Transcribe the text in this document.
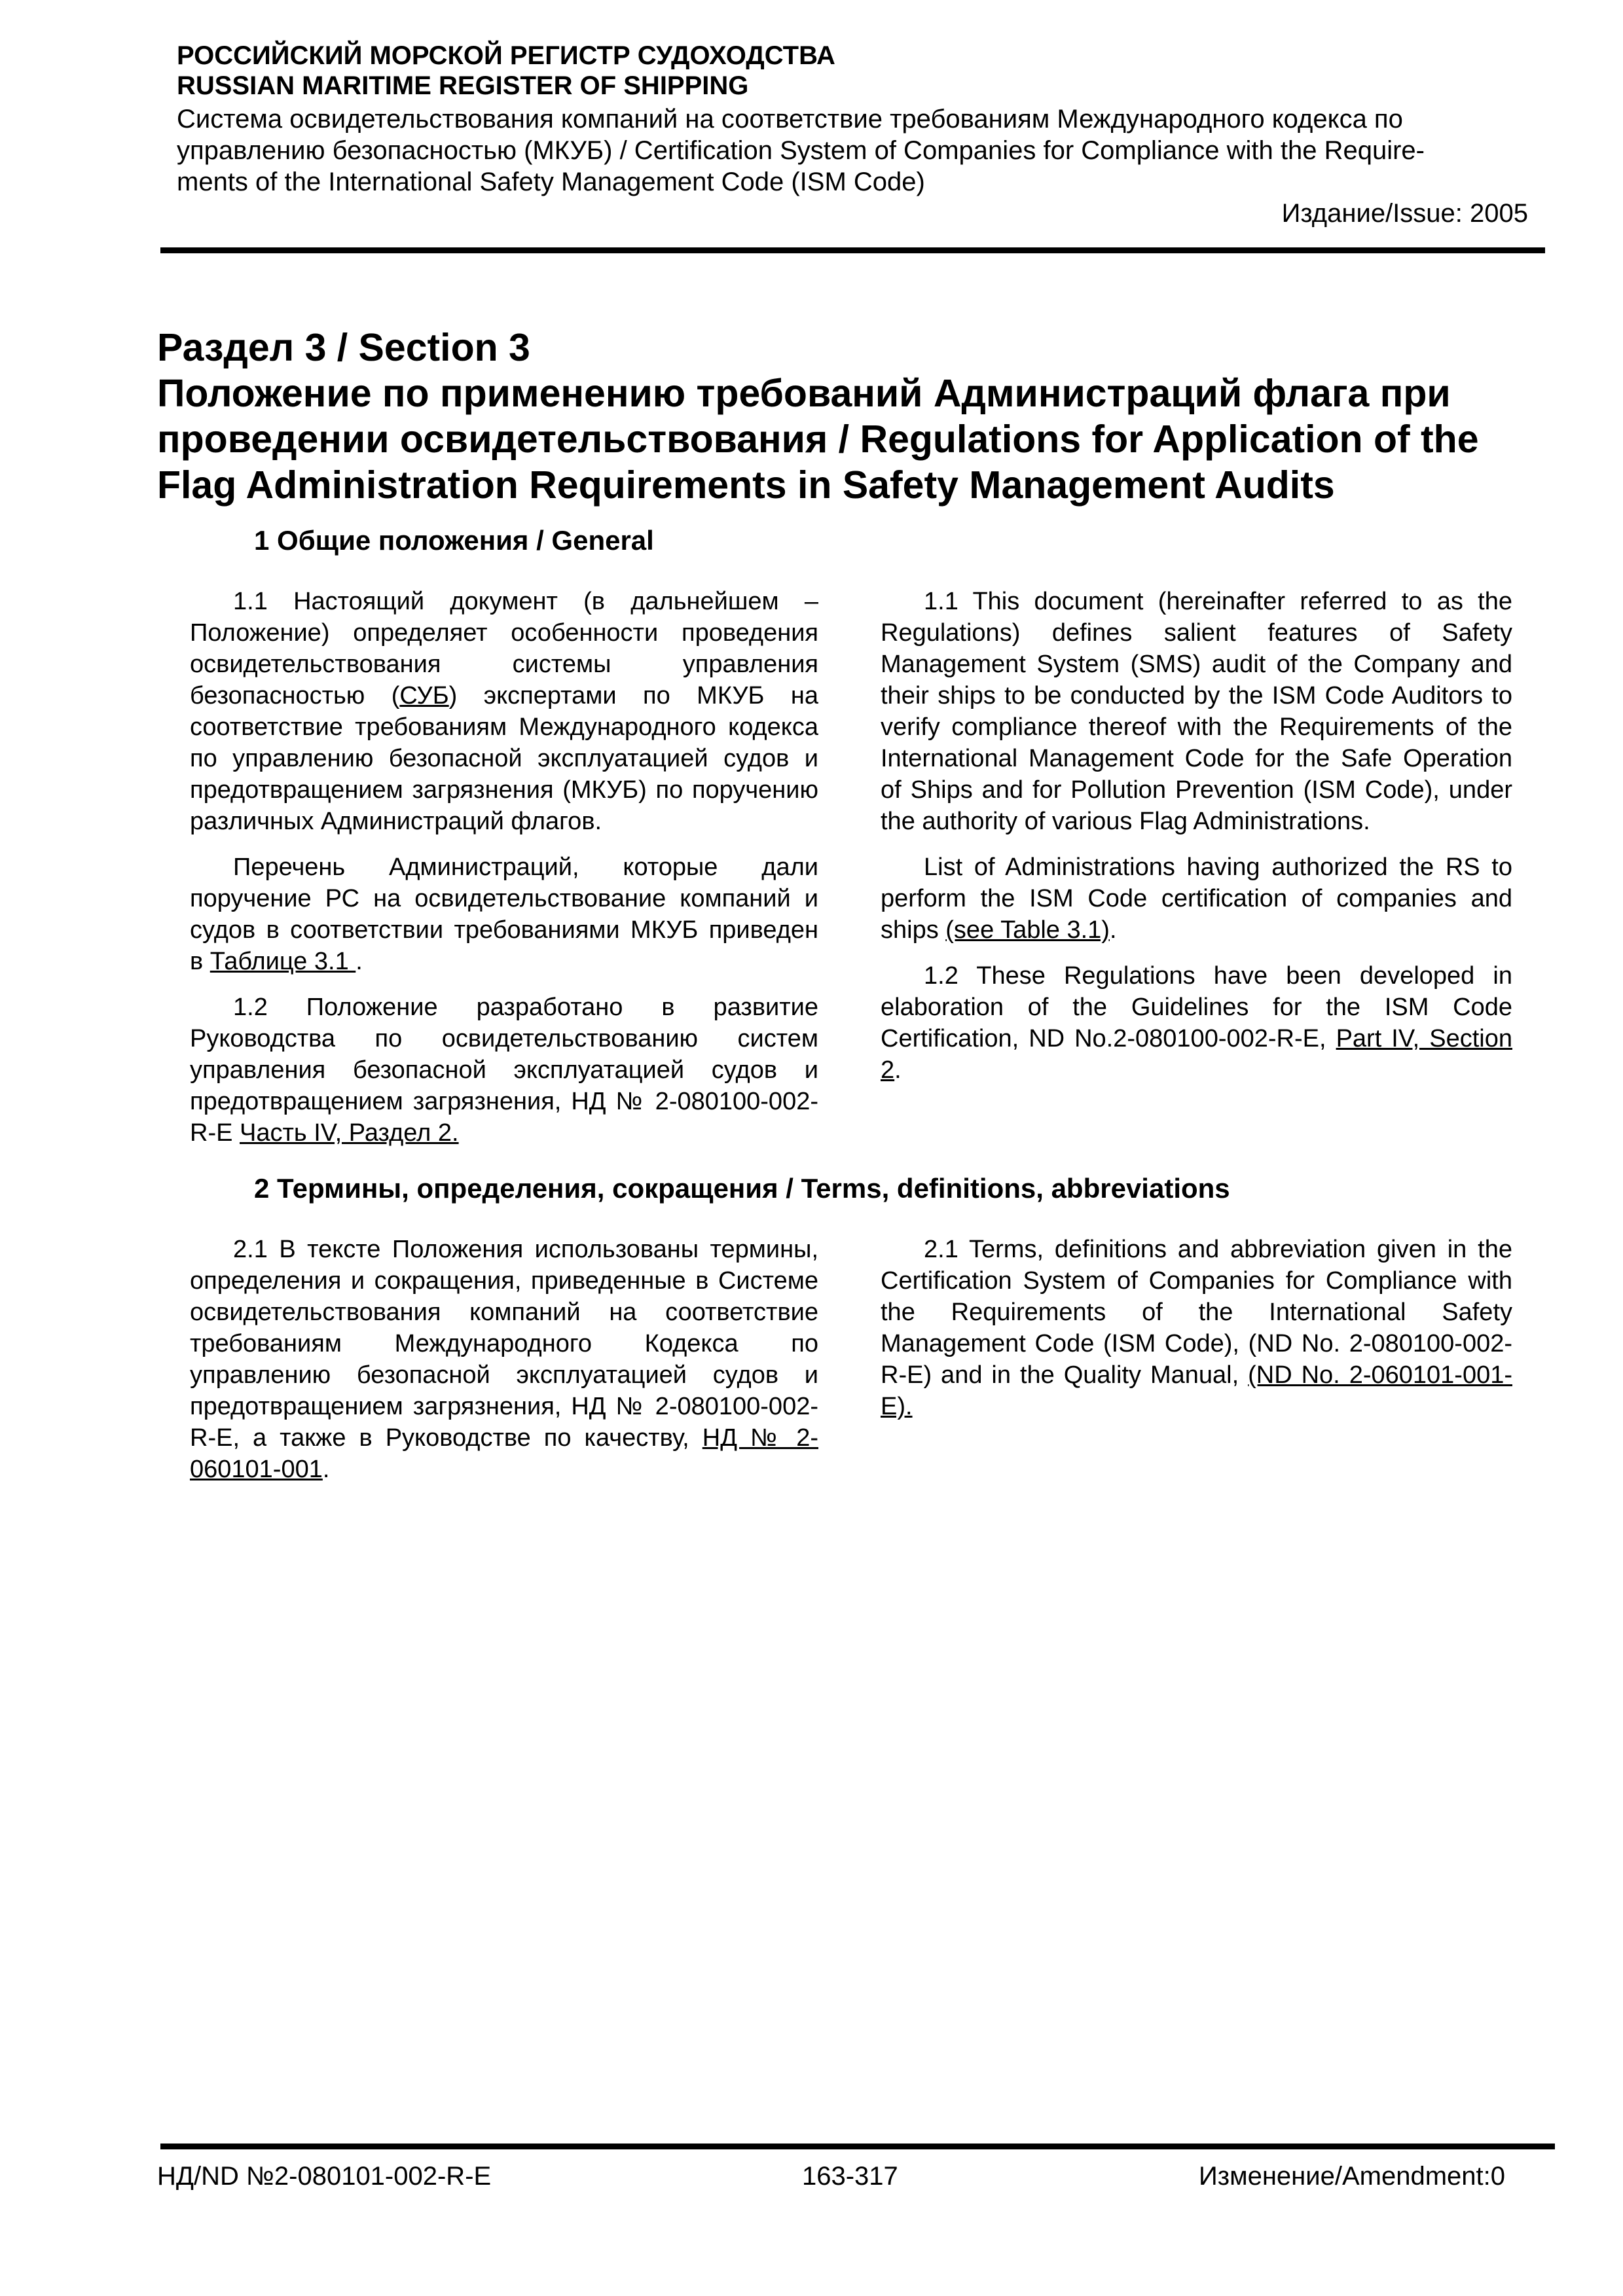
РОССИЙСКИЙ МОРСКОЙ РЕГИСТР СУДОХОДСТВА
RUSSIAN MARITIME REGISTER OF SHIPPING
Система освидетельствования компаний на соответствие требованиям Международного кодекса по
управлению безопасностью (МКУБ) / Certification System of Companies for Compliance with the Require-
ments of the International Safety Management Code (ISM Code)
Издание/Issue: 2005
Раздел 3 / Section 3
Положение по применению требований Администраций флага при
проведении освидетельствования / Regulations for Application of the
Flag Administration Requirements in Safety Management Audits
1 Общие положения / General

1.1 Настоящий документ (в дальнейшем – Положение) определяет особенности проведения освидетельствования системы управления безопасностью (СУБ) экспертами по МКУБ на соответствие требованиям Международного кодекса по управлению безопасной эксплуатацией судов и предотвращением загрязнения (МКУБ) по поручению различных Администраций флагов.

Перечень Администраций, которые дали поручение РС на освидетельствование компаний и судов в соответствии требованиями МКУБ приведен в Таблице 3.1 .

1.2 Положение разработано в развитие Руководства по освидетельствованию систем управления безопасной эксплуатацией судов и предотвращением загрязнения, НД № 2-080100-002-R-E Часть IV, Раздел 2.

1.1 This document (hereinafter referred to as the Regulations) defines salient features of Safety Management System (SMS) audit of the Company and their ships to be conducted by the ISM Code Auditors to verify compliance thereof with the Requirements of the International Management Code for the Safe Operation of Ships and for Pollution Prevention (ISM Code), under the authority of various Flag Administrations.

List of Administrations having authorized the RS to perform the ISM Code certification of companies and ships (see Table 3.1).

1.2 These Regulations have been developed in elaboration of the Guidelines for the ISM Code Certification, ND No.2-080100-002-R-E, Part IV, Section 2.

2 Термины, определения, сокращения / Terms, definitions, abbreviations

2.1 В тексте Положения использованы термины, определения и сокращения, приведенные в Системе освидетельствования компаний на соответствие требованиям Международного Кодекса по управлению безопасной эксплуатацией судов и предотвращением загрязнения, НД № 2-080100-002-R-E, а также в Руководстве по качеству, НД № 2-060101-001.

2.1 Terms, definitions and abbreviation given in the Certification System of Companies for Compliance with the Requirements of the International Safety Management Code (ISM Code), (ND No. 2-080100-002-R-E) and in the Quality Manual, (ND No. 2-060101-001-E).

НД/ND №2-080101-002-R-E	163-317	Изменение/Amendment:0
